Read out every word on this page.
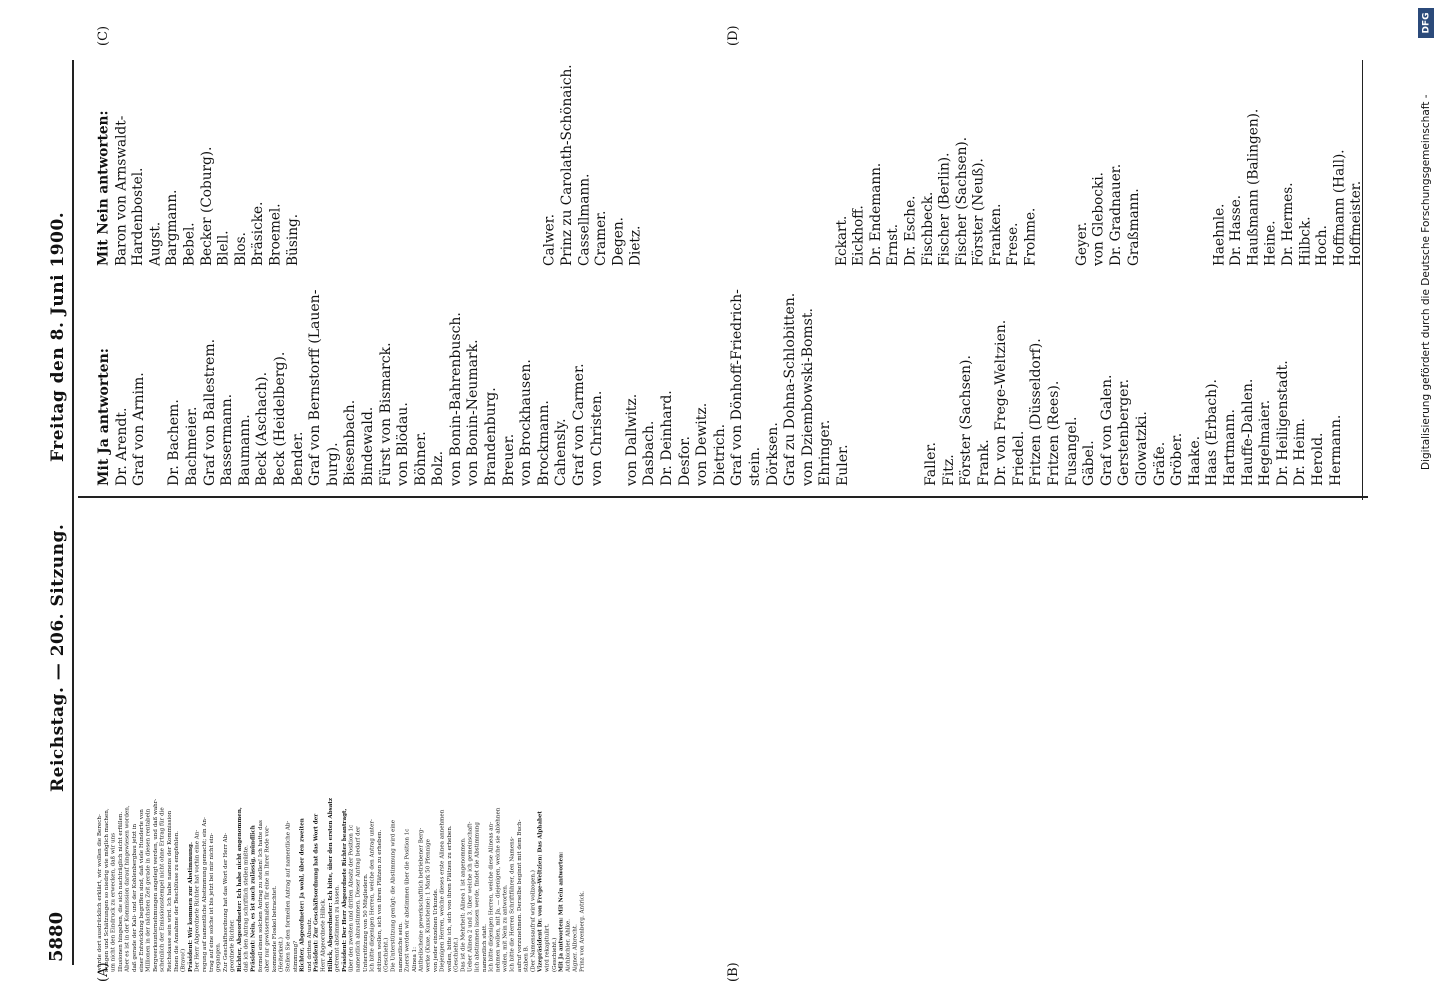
5880
Reichstag. — 206. Sitzung.
Freitag den 8. Juni 1900.
(A)	(B)
(C)	(D)
wurde dort ausdrücklich erklärt, wir wollen die Berech- nungen und Schätzungen so niedrig wie möglich machen, um nicht den Eindruck zu erwecken, daß wir uns Illusionen hingeben, die sich nachträglich nicht erfüllen. Aber es ist in der Kommission darauf hingewiesen worden, daß gerade der Kali- und der Kohlenbergbau jetzt in einer Entwicklung begriffen sind, daß viele Hunderte von Millionen in der nächsten Zeit gerade in diesen rentabeln Bergwerksunternehmungen angelegt werden, und daß wahr- scheinlich der Emissionsstempel nicht ohne Ertrag für die Reichskasse sein wird. Ich habe namens der Kommission Ihnen die Annahme der Beschlüsse zu empfehlen. (Bravo!) Präsident: Wir kommen zur Abstimmung. Der Herr Abgeordnete Richter hat vorhin eine An- regung auf namentliche Abstimmung gemacht; ein An- trag auf eine solche ist bis jetzt bei mir nicht ein- gegangen. Zur Geschäftsordnung hat das Wort der Herr Ab- geordnete Richter. Richter, Abgeordneter: Ich habe nicht angenommen, daß ich den Antrag schriftlich stellen müßte. Präsident: Nein, es ist auch zulässig, mündlich formell einen solchen Antrag zu stellen! Ich hatte das aber nur gewissermaßen für eine in Ihrer Rede vor- kommende Floskel betrachtet. (Heiterkeit.) Stellen Sie den formellen Antrag auf namentliche Ab- stimmung? Richter, Abgeordneter: Ja wohl, über den zweiten und dritten Absatz. Präsident: Zur Geschäftsordnung hat das Wort der Herr Abgeordnete Hilbck. Hilbck, Abgeordneter: Ich bitte, über den ersten Absatz getrennt abstimmen zu lassen. Präsident: Der Herr Abgeordnete Richter beantragt, über den zweiten und dritten Absatz der Position 1c namentlich abzustimmen. Dieser Antrag bedarf der Unterstützung von 50 Mitgliedern. Ich bitte diejenigen Herren, welche den Antrag unter- stützen wollen, sich von ihren Plätzen zu erheben. (Geschieht.) Die Unterstützung genügt; die Abstimmung wird eine namentliche sein. Zuerst werden wir abstimmen über die Position 1c Alinea 1: Antheilscheine gewerkschaftlich betriebener Berg- werke (Kuxe, Kuxscheine): 1 Mark 50 Pfennige von jeder einzelnen Urkunde. Diejenigen Herren, welche dieses erste Alinea annehmen wollen, bitte ich, sich von ihren Plätzen zu erheben. (Geschieht.) Das ist die Mehrheit; Alinea 1 ist angenommen. Ueber Alinea 2 und 3, über welche ich gemeinschaft- lich abstimmen lassen werde, findet die Abstimmung namentlich statt. Ich bitte diejenigen Herren, welche diese Alineas an- nehmen wollen, mit Ja, — diejenigen, welche sie ablehnen wollen, mit Nein zu antworten. Ich bitte die Herren Schriftführer, den Namens- aufruf vorzunehmen. Derselbe beginnt mit dem Buch- staben B. (Der Namensaufruf wird vollzogen.) Vizepräsident Dr. von Frege-Weltzien: Das Alphabet wird rekapitulirt. (Geschieht.) Mit Ja antworten: Mit Nein antworten: Aichbichler. Ahlke. Aigner. Albrecht. Prinz von Arenberg. Antrick.
Mit Ja antworten: Dr. Arendt. Graf von Arnim.
Dr. Bachem. Bachmeier. Graf von Ballestrem. Bassermann. Baumann. Beck (Aschach). Beck (Heidelberg). Bender. Graf von Bernstorff (Lauen- burg). Biesenbach. Bindewald. Fürst von Bismarck. von Blödau. Böhner. Bolz. von Bonin-Bahrenbusch. von Bonin-Neumark. Brandenburg. Breuer. von Brockhausen. Brockmann. Cahensly. Graf von Carmer. von Christen.
von Dallwitz. Dasbach. Dr. Deinhard. Desfor. von Dewitz. Dietrich. Graf von Dönhoff-Friedrich- stein. Dörksen. Graf zu Dohna-Schlobitten. von Dziembowski-Bomst. Ehringer. Euler.

	Faller. Fitz. Förster (Sachsen). Frank. Dr. von Frege-Weltzien. Friedel. Fritzen (Düsseldorf). Fritzen (Rees). Fusangel. Gäbel. Graf von Galen. Gerstenberger. Glowatzki. Gräfe. Gröber. Haake. Haas (Erbach). Hartmann. Hauffe-Dahlen. Hegelmaier. Dr. Heiligenstadt. Dr. Heim. Herold. Hermann.
Mit Nein antworten: Baron von Arnswaldt- Hardenbostel. Augst. Bargmann. Bebel. Becker (Coburg). Blell. Blos. Bräsicke. Broemel. Büsing.

	Calwer. Prinz zu Carolath-Schönaich. Cassellmann. Cramer. Degen. Dietz.

	Eckart. Eickhoff. Dr. Endemann. Ernst. Dr. Esche. Fischbeck. Fischer (Berlin). Fischer (Sachsen). Förster (Neuß). Franken. Frese. Frohme.

	Geyer. von Glebocki. Dr. Gradnauer. Graßmann.

	Haehnle. Dr. Hasse. Haußmann (Balingen). Heine. Dr. Hermes. Hilbck. Hoch. Hoffmann (Hall). Hoffmeister.	Digitalisierung gefördert durch die Deutsche Forschungsgemeinschaft -
DFG
